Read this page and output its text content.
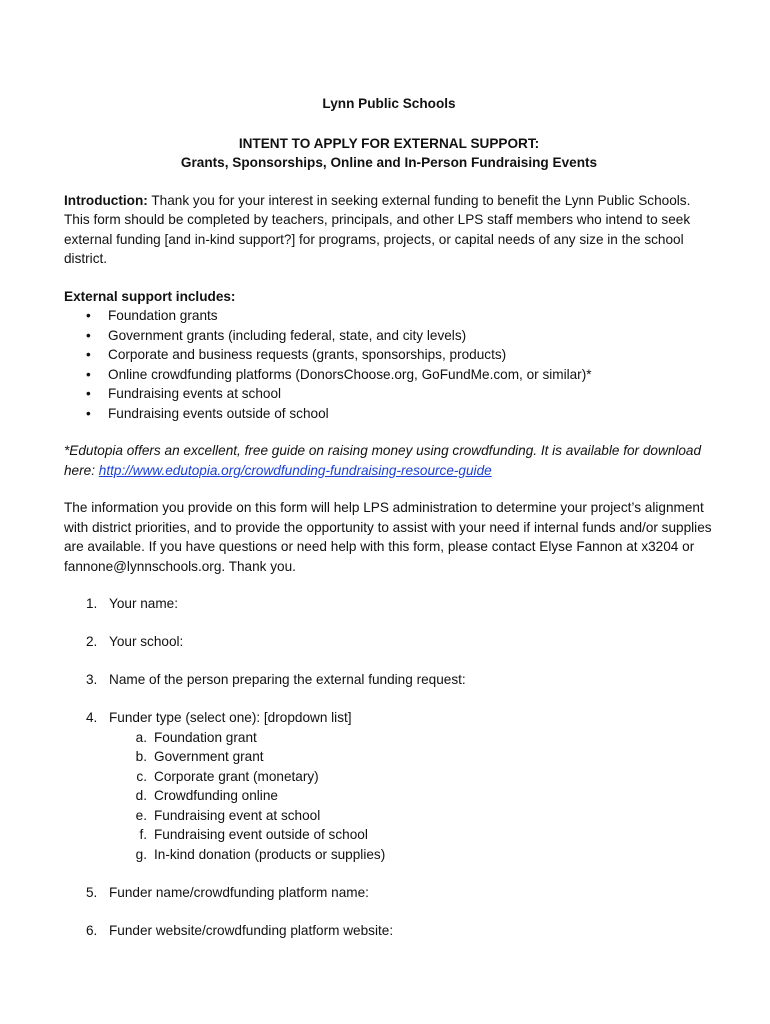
Lynn Public Schools
INTENT TO APPLY FOR EXTERNAL SUPPORT:
Grants, Sponsorships, Online and In-Person Fundraising Events

Introduction: Thank you for your interest in seeking external funding to benefit the Lynn Public Schools. This form should be completed by teachers, principals, and other LPS staff members who intend to seek external funding [and in-kind support?] for programs, projects, or capital needs of any size in the school district.

External support includes:
• Foundation grants
• Government grants (including federal, state, and city levels)
• Corporate and business requests (grants, sponsorships, products)
• Online crowdfunding platforms (DonorsChoose.org, GoFundMe.com, or similar)*
• Fundraising events at school
• Fundraising events outside of school

*Edutopia offers an excellent, free guide on raising money using crowdfunding. It is available for download here: http://www.edutopia.org/crowdfunding-fundraising-resource-guide

The information you provide on this form will help LPS administration to determine your project’s alignment with district priorities, and to provide the opportunity to assist with your need if internal funds and/or supplies are available. If you have questions or need help with this form, please contact Elyse Fannon at x3204 or fannone@lynnschools.org. Thank you.

1. Your name:
2. Your school:
3. Name of the person preparing the external funding request:
4. Funder type (select one): [dropdown list]
a. Foundation grant
b. Government grant
c. Corporate grant (monetary)
d. Crowdfunding online
e. Fundraising event at school
f. Fundraising event outside of school
g. In-kind donation (products or supplies)
5. Funder name/crowdfunding platform name:
6. Funder website/crowdfunding platform website:
